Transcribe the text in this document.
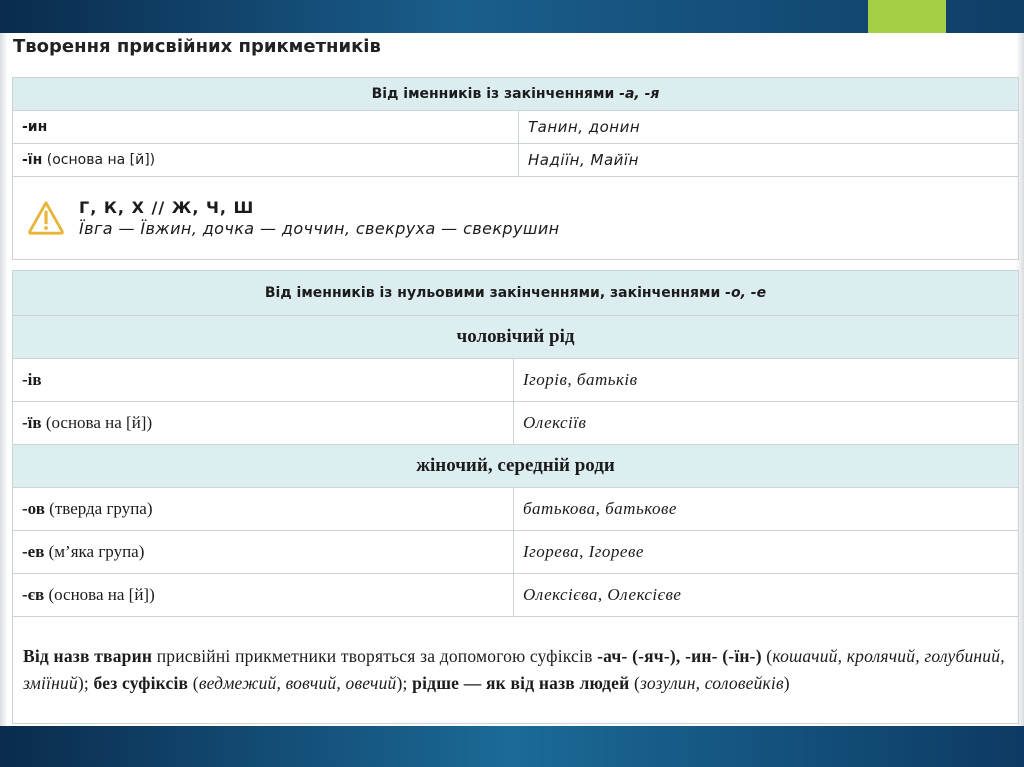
Творення присвійних прикметників
Від іменників із закінченнями -а, -я	
-ин	Танин, донин
-їн (основа на [й])	Надіїн, Майїн

Г, К, Х // Ж, Ч, Ш
Ївга — Ївжин, дочка — доччин, свекруха — свекрушин	
Від іменників із нульовими закінченнями, закінченнями -о, -е	
чоловічий рід	
-ів	Ігорів, батьків
-їв (основа на [й])	Олексіїв
жіночий, середній роди	
-ов (тверда група)	батькова, батькове
-ев (м’яка група)	Ігорева, Ігореве
-єв (основа на [й])	Олексієва, Олексієве
Від назв тварин присвійні прикметники творяться за допомогою суфіксів -ач- (-яч-), -ин- (-їн-) (кошачий, кролячий, голубиний, зміїний); без суфіксів (ведмежий, вовчий, овечий); рідше — як від назв людей (зозулин, соловейків)	
